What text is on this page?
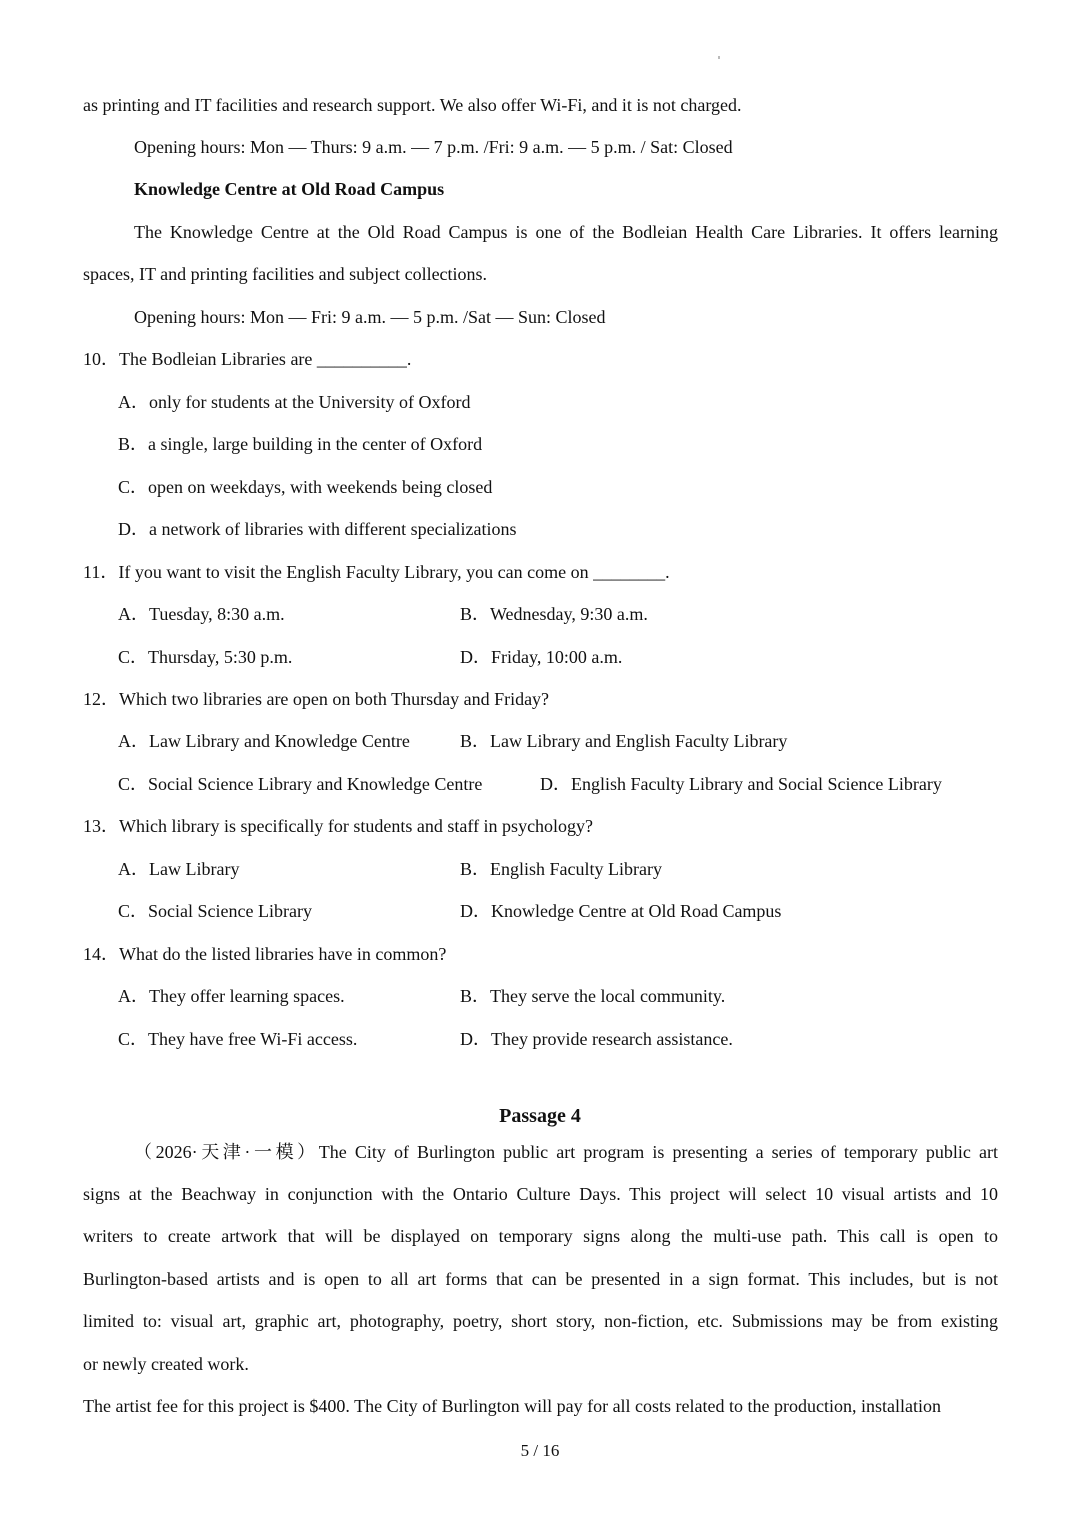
as printing and IT facilities and research support. We also offer Wi-Fi, and it is not charged.
Opening hours: Mon — Thurs: 9 a.m. — 7 p.m. /Fri: 9 a.m. — 5 p.m. / Sat: Closed
Knowledge Centre at Old Road Campus
The Knowledge Centre at the Old Road Campus is one of the Bodleian Health Care Libraries. It offers learning
spaces, IT and printing facilities and subject collections.
Opening hours: Mon — Fri: 9 a.m. — 5 p.m. /Sat — Sun: Closed
10．The Bodleian Libraries are __________.
A．only for students at the University of Oxford
B．a single, large building in the center of Oxford
C．open on weekdays, with weekends being closed
D．a network of libraries with different specializations
11．If you want to visit the English Faculty Library, you can come on ________.
A．Tuesday, 8:30 a.m.	B．Wednesday, 9:30 a.m.
C．Thursday, 5:30 p.m.	D．Friday, 10:00 a.m.
12．Which two libraries are open on both Thursday and Friday?
A．Law Library and Knowledge Centre	B．Law Library and English Faculty Library
C．Social Science Library and Knowledge Centre	D．English Faculty Library and Social Science Library
13．Which library is specifically for students and staff in psychology?
A．Law Library	B．English Faculty Library
C．Social Science Library	D．Knowledge Centre at Old Road Campus
14．What do the listed libraries have in common?
A．They offer learning spaces.	B．They serve the local community.
C．They have free Wi-Fi access.	D．They provide research assistance.
Passage 4
（2026·天津·一模）The City of Burlington public art program is presenting a series of temporary public art
signs at the Beachway in conjunction with the Ontario Culture Days. This project will select 10 visual artists and 10
writers to create artwork that will be displayed on temporary signs along the multi-use path. This call is open to
Burlington-based artists and is open to all art forms that can be presented in a sign format. This includes, but is not
limited to: visual art, graphic art, photography, poetry, short story, non-fiction, etc. Submissions may be from existing
or newly created work.
The artist fee for this project is $400. The City of Burlington will pay for all costs related to the production, installation
5 / 16
